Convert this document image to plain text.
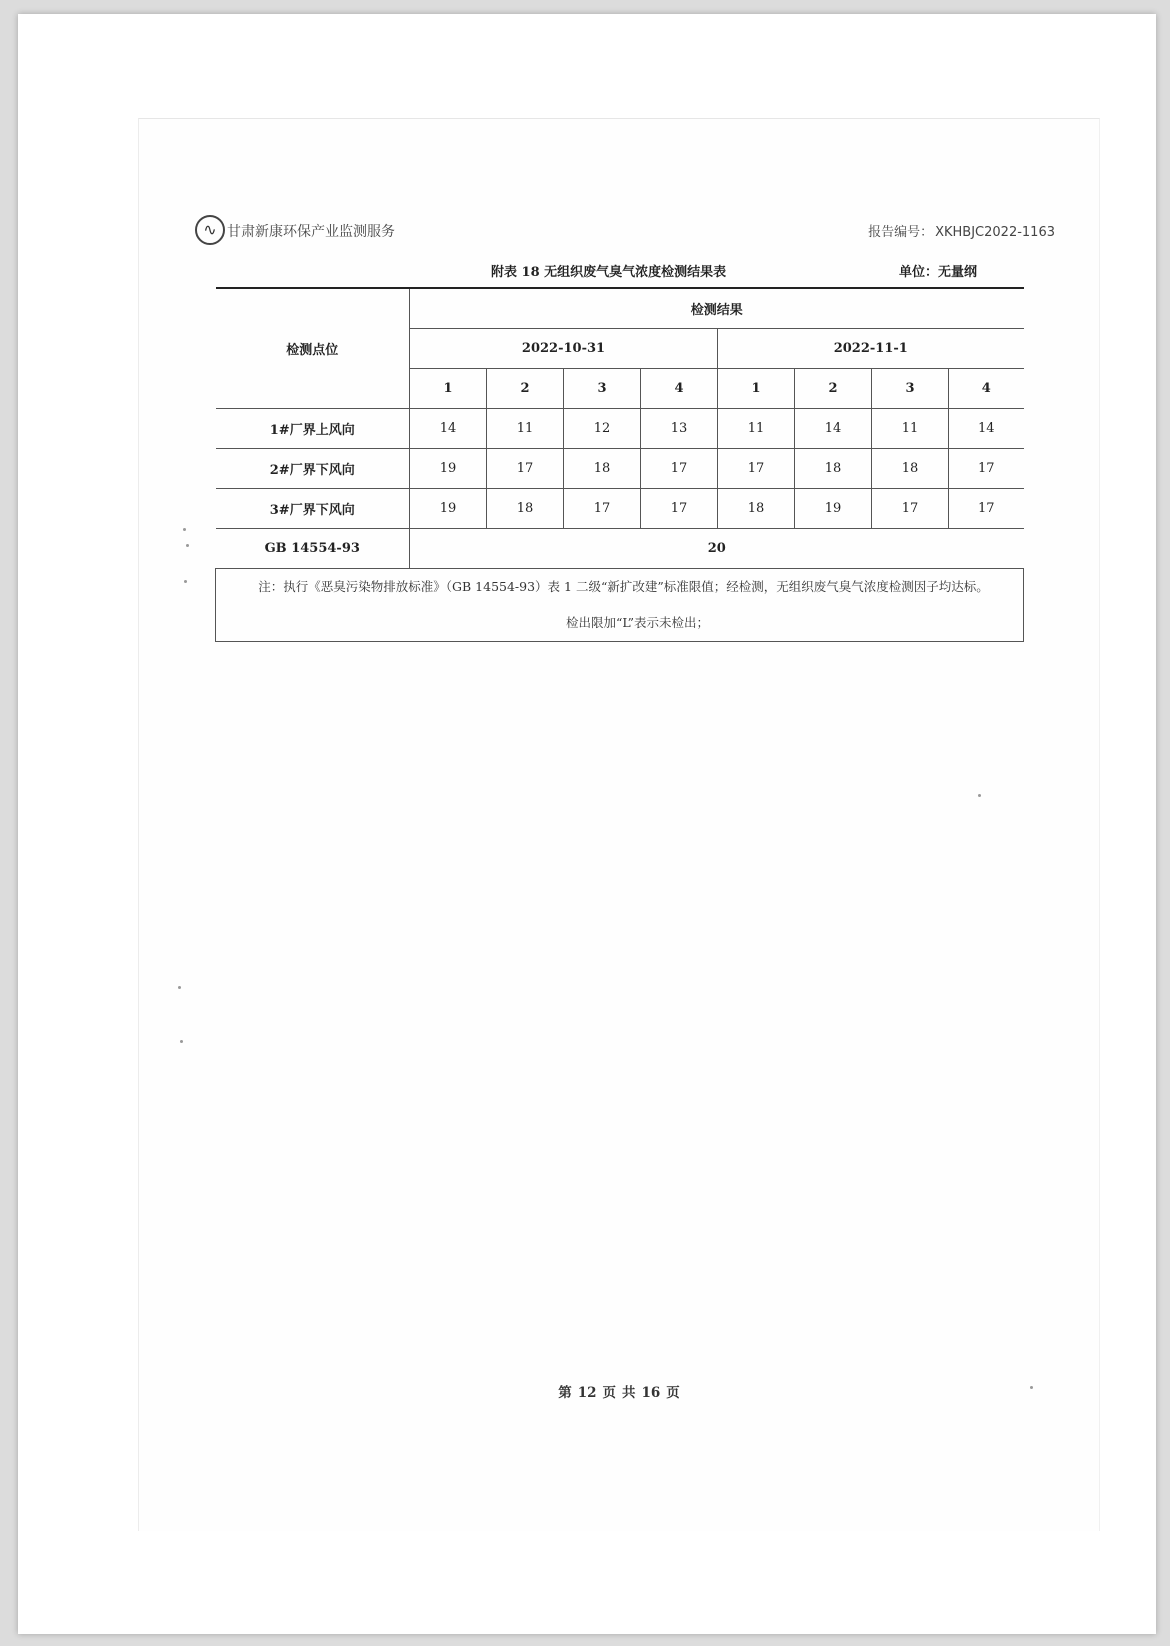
∿ 甘肃新康环保产业监测服务	报告编号： XKHBJC2022-1163
附表 18 无组织废气臭气浓度检测结果表	单位：无量纲
检测点位	检测结果							
	2022-10-31				2022-11-1			
	1	2	3	4	1	2	3	4
1#厂界上风向	14	11	12	13	11	14	11	14
2#厂界下风向	19	17	18	17	17	18	18	17
3#厂界下风向	19	18	17	17	18	19	17	17
GB 14554-93	20							

注：执行《恶臭污染物排放标准》（GB 14554-93）表 1 二级“新扩改建”标准限值；经检测，无组织废气臭气浓度检测因子均达标。
检出限加“L”表示未检出；								
第 12 页 共 16 页
